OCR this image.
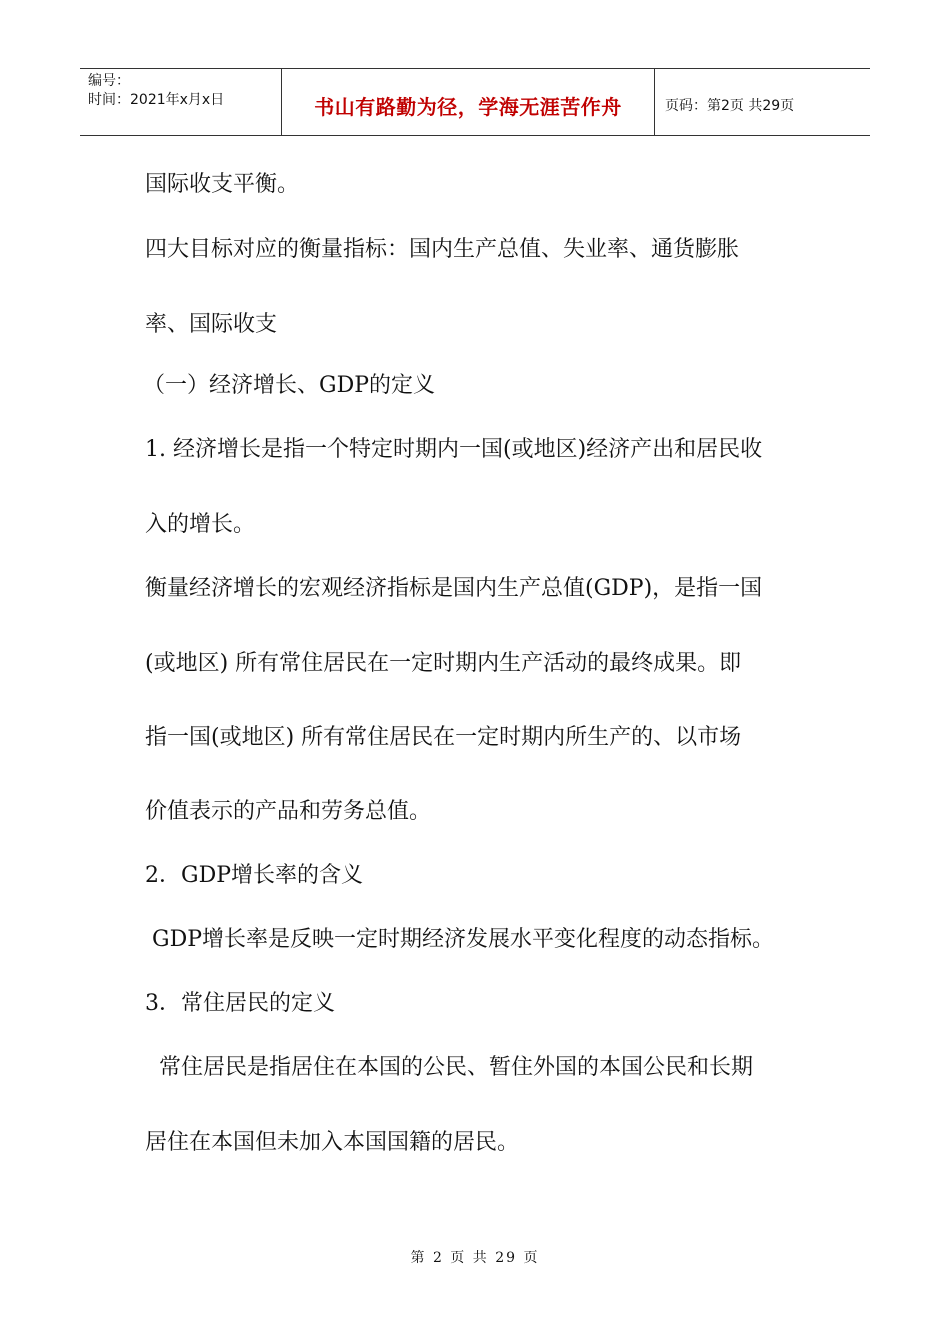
编号：
时间：2021年x月x日	书山有路勤为径，学海无涯苦作舟	页码：第2页 共29页
国际收支平衡。
四大目标对应的衡量指标：国内生产总值、失业率、通货膨胀
率、国际收支
（一）经济增长、GDP的定义
1. 经济增长是指一个特定时期内一国(或地区)经济产出和居民收
入的增长。
衡量经济增长的宏观经济指标是国内生产总值(GDP)，是指一国
(或地区) 所有常住居民在一定时期内生产活动的最终成果。即
指一国(或地区) 所有常住居民在一定时期内所生产的、以市场
价值表示的产品和劳务总值。
2．GDP增长率的含义
GDP增长率是反映一定时期经济发展水平变化程度的动态指标。
3．常住居民的定义
常住居民是指居住在本国的公民、暂住外国的本国公民和长期
居住在本国但未加入本国国籍的居民。
第 2 页 共 29 页
